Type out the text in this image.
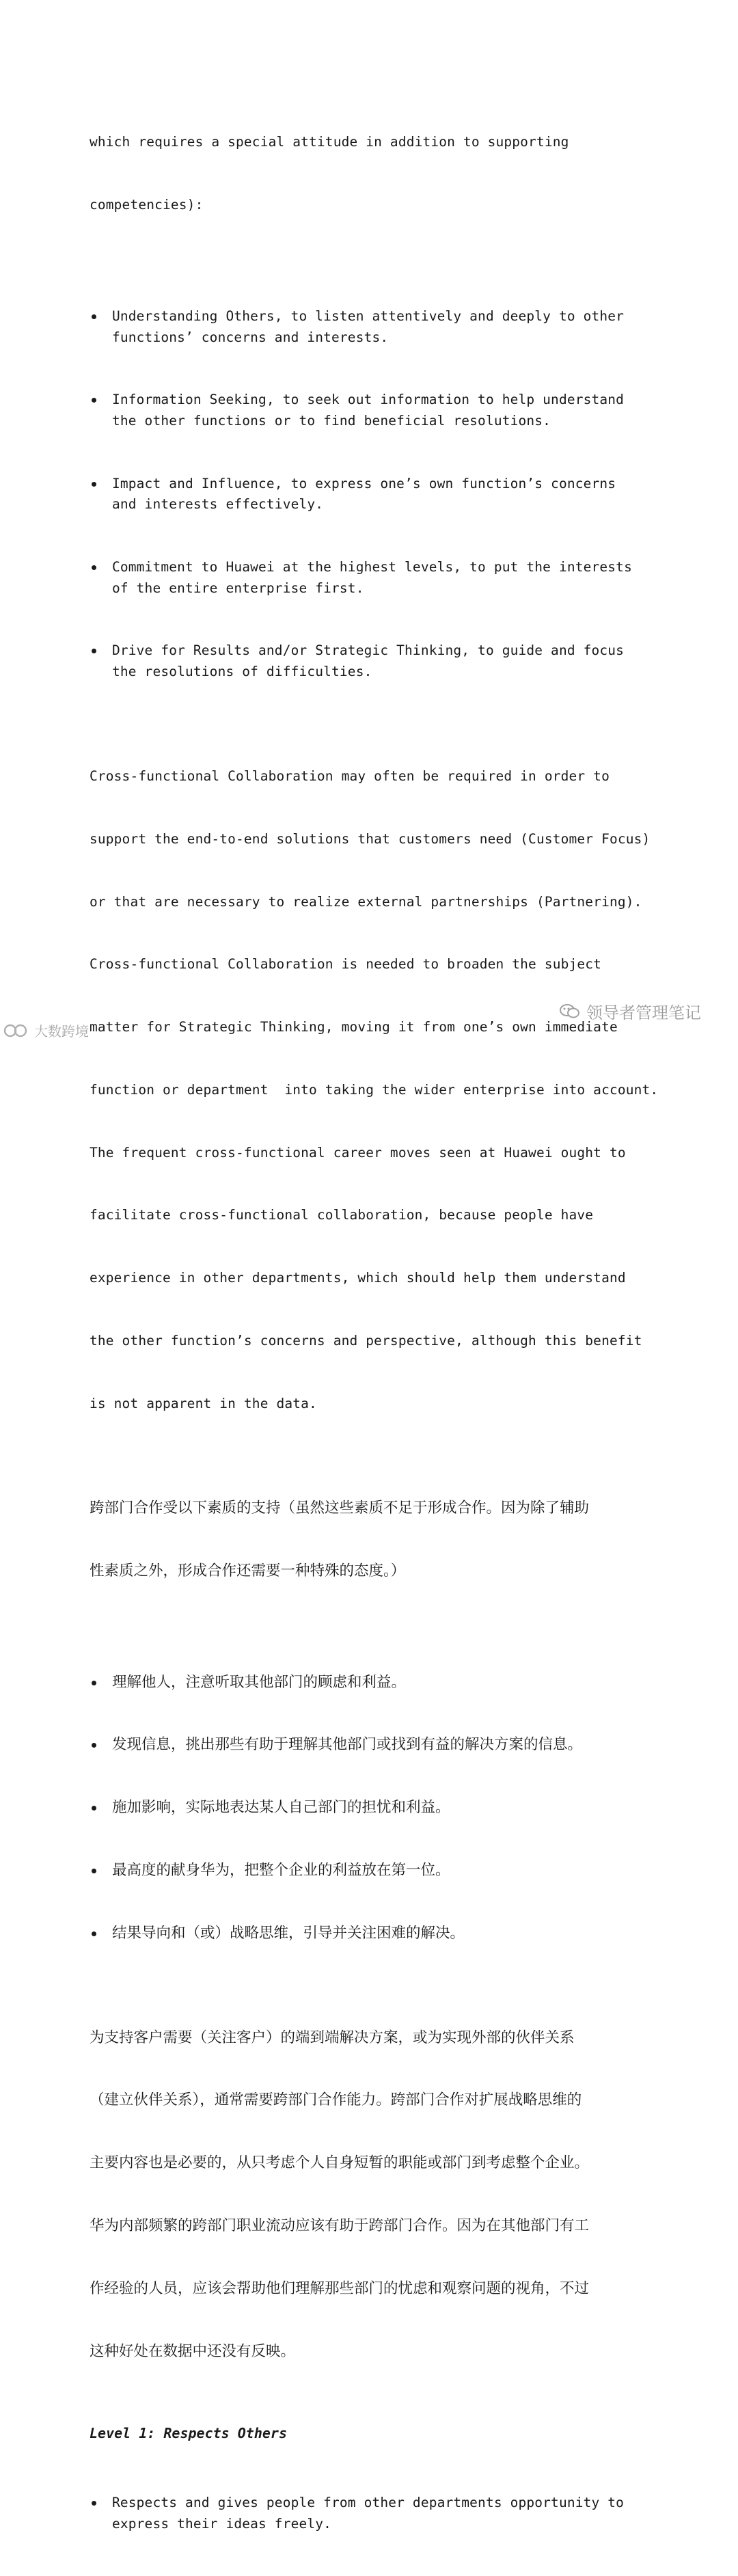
which requires a special attitude in addition to supporting

competencies):

Understanding Others, to listen attentively and deeply to other
functions’ concerns and interests.

Information Seeking, to seek out information to help understand
the other functions or to find beneficial resolutions.

Impact and Influence, to express one’s own function’s concerns
and interests effectively.

Commitment to Huawei at the highest levels, to put the interests
of the entire enterprise first.

Drive for Results and/or Strategic Thinking, to guide and focus
the resolutions of difficulties.

Cross-functional Collaboration may often be required in order to

support the end-to-end solutions that customers need (Customer Focus)

or that are necessary to realize external partnerships (Partnering).

Cross-functional Collaboration is needed to broaden the subject

matter for Strategic Thinking, moving it from one’s own immediate

function or department  into taking the wider enterprise into account.

The frequent cross-functional career moves seen at Huawei ought to

facilitate cross-functional collaboration, because people have

experience in other departments, which should help them understand

the other function’s concerns and perspective, although this benefit

is not apparent in the data.

跨部门合作受以下素质的支持（虽然这些素质不足于形成合作。因为除了辅助

性素质之外，形成合作还需要一种特殊的态度。）

理解他人，注意听取其他部门的顾虑和利益。

发现信息，挑出那些有助于理解其他部门或找到有益的解决方案的信息。

施加影响，实际地表达某人自己部门的担忧和利益。

最高度的献身华为，把整个企业的利益放在第一位。

结果导向和（或）战略思维，引导并关注困难的解决。

为支持客户需要（关注客户）的端到端解决方案，或为实现外部的伙伴关系

（建立伙伴关系），通常需要跨部门合作能力。跨部门合作对扩展战略思维的

主要内容也是必要的，从只考虑个人自身短暂的职能或部门到考虑整个企业。

华为内部频繁的跨部门职业流动应该有助于跨部门合作。因为在其他部门有工

作经验的人员，应该会帮助他们理解那些部门的忧虑和观察问题的视角，不过

这种好处在数据中还没有反映。

Level 1: Respects Others

Respects and gives people from other departments opportunity to
express their ideas freely.

领导者管理笔记
大数跨境
